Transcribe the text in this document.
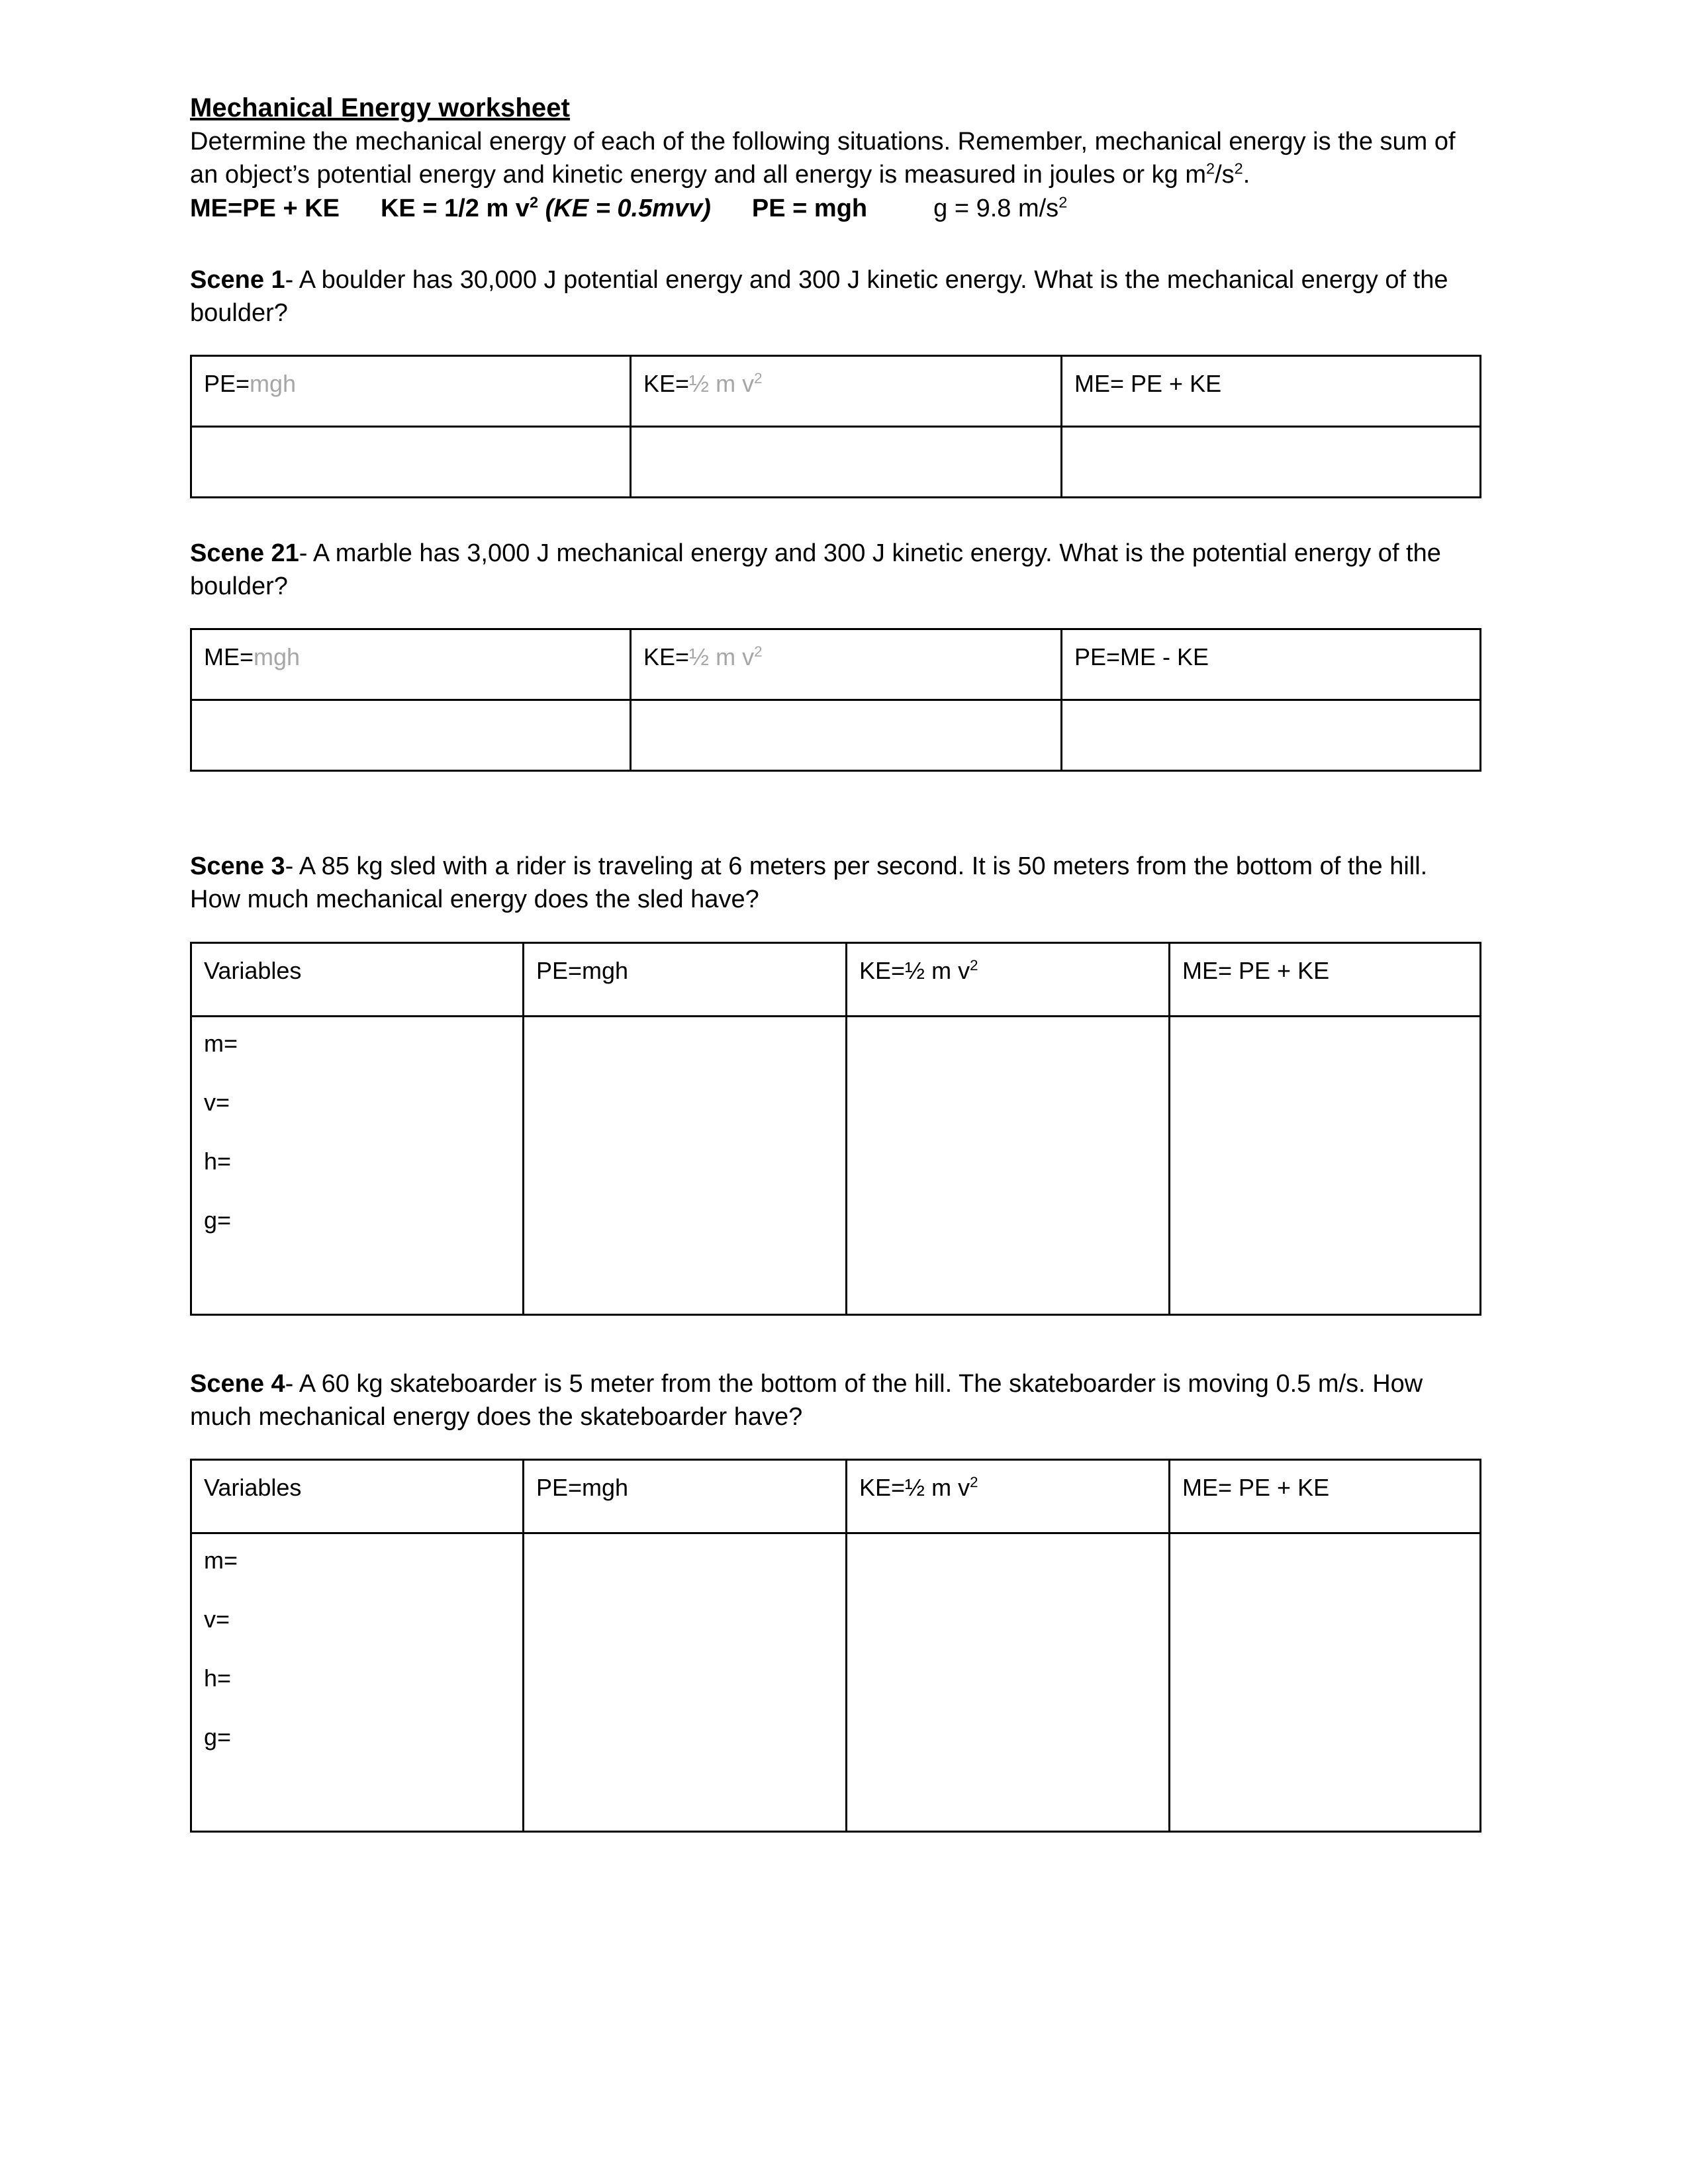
Mechanical Energy worksheet

Determine the mechanical energy of each of the following situations. Remember, mechanical energy is the sum of an object’s potential energy and kinetic energy and all energy is measured in joules or kg $m^2/s^2$.

ME=PE + KE KE = 1/2 m $v^2$ (KE = 0.5mvv) PE = mgh	g = 9.8 $m/s^2$

Scene 1- A boulder has 30,000 J potential energy and 300 J kinetic energy. What is the mechanical energy of the boulder?

PE=mgh	KE=½ m $v^2$	ME= PE + KE

Scene 21- A marble has 3,000 J mechanical energy and 300 J kinetic energy. What is the potential energy of the boulder?

ME=mgh	KE=½ m $v^2$	PE=ME - KE

Scene 3- A 85 kg sled with a rider is traveling at 6 meters per second. It is 50 meters from the bottom of the hill. How much mechanical energy does the sled have?

Variables	PE=mgh	KE=½ m $v^2$	ME= PE + KE

m=

v=

h=

g=			

Scene 4- A 60 kg skateboarder is 5 meter from the bottom of the hill. The skateboarder is moving 0.5 m/s. How much mechanical energy does the skateboarder have?

Variables	PE=mgh	KE=½ m $v^2$	ME= PE + KE

m=

v=

h=

g=			
